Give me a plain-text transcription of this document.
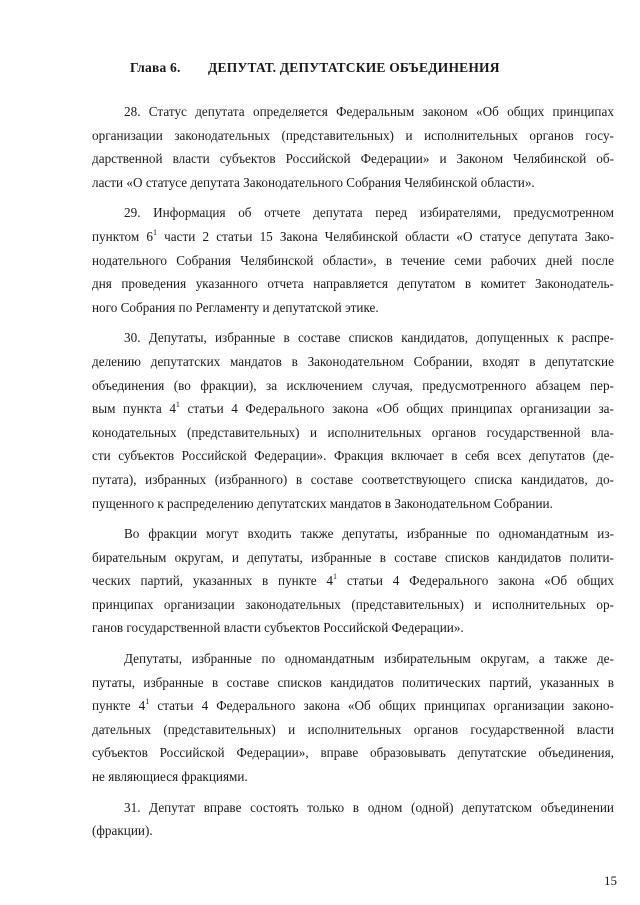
Глава 6. ДЕПУТАТ. ДЕПУТАТСКИЕ ОБЪЕДИНЕНИЯ
28. Статус депутата определяется Федеральным законом «Об общих принципах
организации законодательных (представительных) и исполнительных органов госу-
дарственной власти субъектов Российской Федерации» и Законом Челябинской об-
ласти «О статусе депутата Законодательного Собрания Челябинской области».
29. Информация об отчете депутата перед избирателями, предусмотренном
пунктом $6^1$ части 2 статьи 15 Закона Челябинской области «О статусе депутата Зако-
нодательного Собрания Челябинской области», в течение семи рабочих дней после
дня проведения указанного отчета направляется депутатом в комитет Законодатель-
ного Собрания по Регламенту и депутатской этике.
30. Депутаты, избранные в составе списков кандидатов, допущенных к распре-
делению депутатских мандатов в Законодательном Собрании, входят в депутатские
объединения (во фракции), за исключением случая, предусмотренного абзацем пер-
вым пункта $4^1$ статьи 4 Федерального закона «Об общих принципах организации за-
конодательных (представительных) и исполнительных органов государственной вла-
сти субъектов Российской Федерации». Фракция включает в себя всех депутатов (де-
путата), избранных (избранного) в составе соответствующего списка кандидатов, до-
пущенного к распределению депутатских мандатов в Законодательном Собрании.
Во фракции могут входить также депутаты, избранные по одномандатным из-
бирательным округам, и депутаты, избранные в составе списков кандидатов полити-
ческих партий, указанных в пункте $4^1$ статьи 4 Федерального закона «Об общих
принципах организации законодательных (представительных) и исполнительных ор-
ганов государственной власти субъектов Российской Федерации».
Депутаты, избранные по одномандатным избирательным округам, а также де-
путаты, избранные в составе списков кандидатов политических партий, указанных в
пункте $4^1$ статьи 4 Федерального закона «Об общих принципах организации законо-
дательных (представительных) и исполнительных органов государственной власти
субъектов Российской Федерации», вправе образовывать депутатские объединения,
не являющиеся фракциями.
31. Депутат вправе состоять только в одном (одной) депутатском объединении
(фракции).
15
